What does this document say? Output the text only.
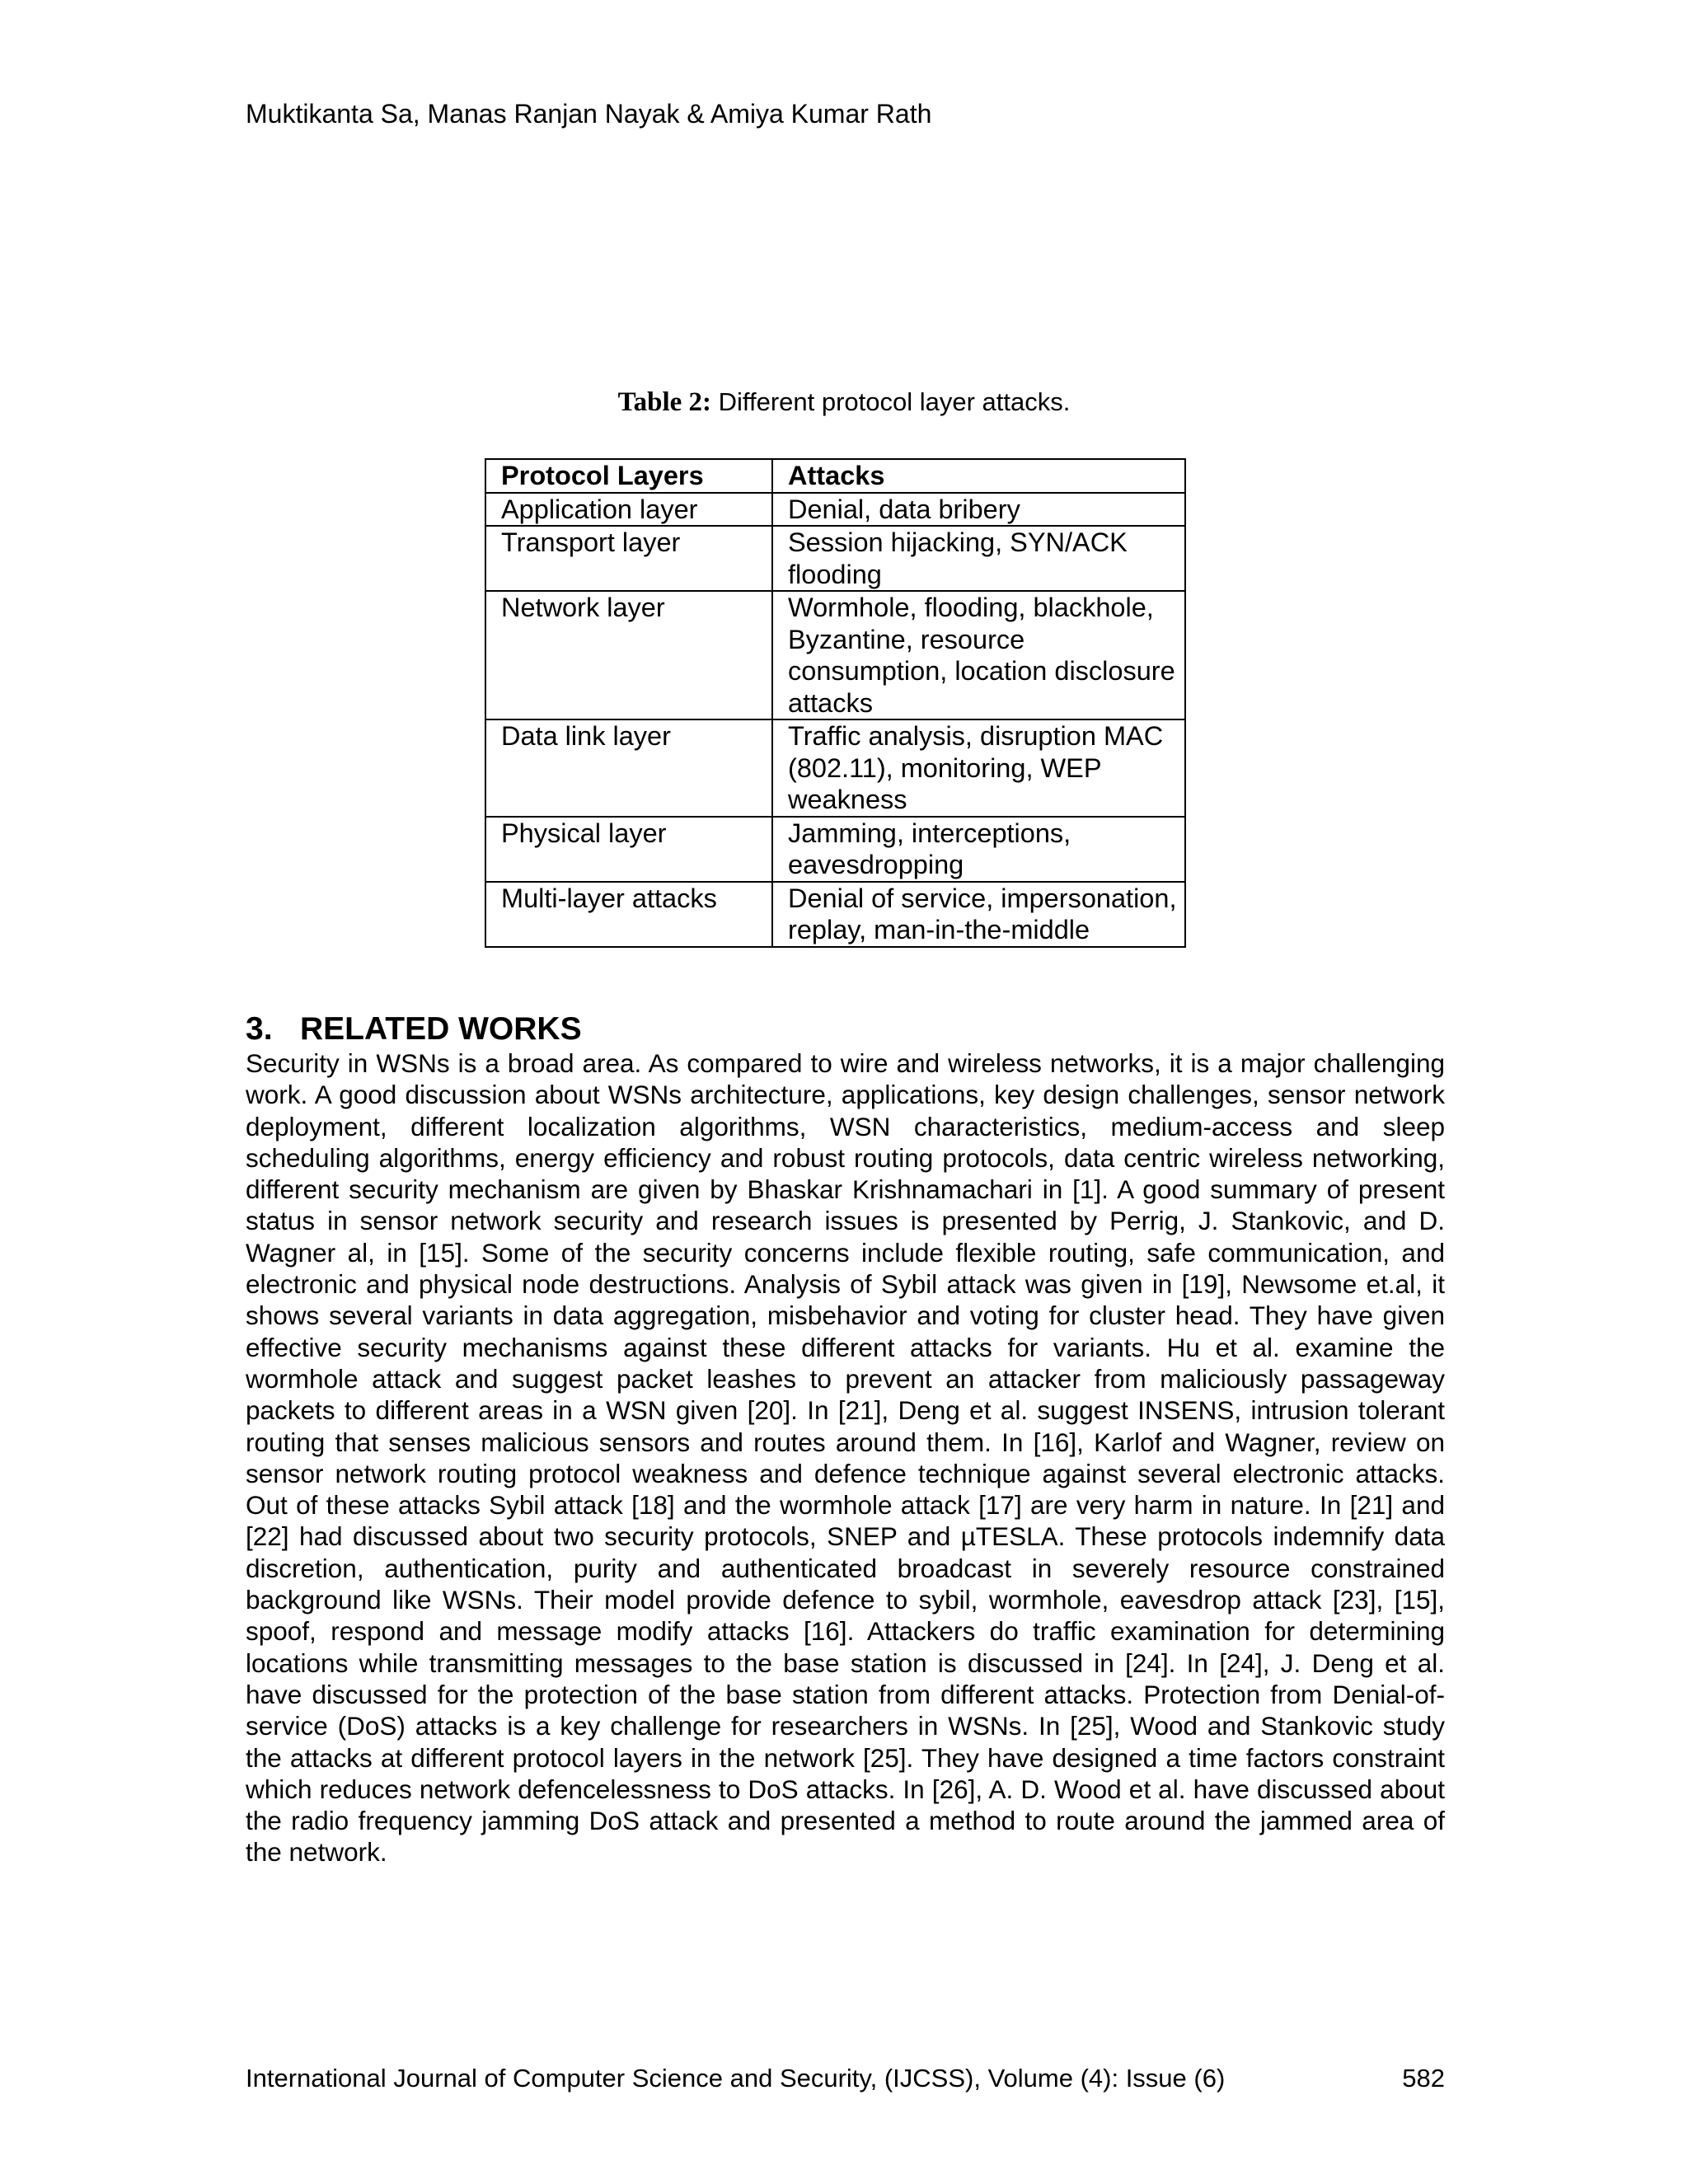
Muktikanta Sa, Manas Ranjan Nayak & Amiya Kumar Rath
Table 2: Different protocol layer attacks.
Protocol Layers	Attacks
Application layer	Denial, data bribery
Transport layer	Session hijacking, SYN/ACK flooding
Network layer	Wormhole, flooding, blackhole, Byzantine, resource consumption, location disclosure attacks
Data link layer	Traffic analysis, disruption MAC (802.11), monitoring, WEP weakness
Physical layer	Jamming, interceptions, eavesdropping
Multi-layer attacks	Denial of service, impersonation, replay, man-in-the-middle
3. RELATED WORKS

Security in WSNs is a broad area. As compared to wire and wireless networks, it is a major challenging work. A good discussion about WSNs architecture, applications, key design challenges, sensor network deployment, different localization algorithms, WSN characteristics, medium-access and sleep scheduling algorithms, energy efficiency and robust routing protocols, data centric wireless networking, different security mechanism are given by Bhaskar Krishnamachari in [1]. A good summary of present status in sensor network security and research issues is presented by Perrig, J. Stankovic, and D. Wagner al, in [15]. Some of the security concerns include flexible routing, safe communication, and electronic and physical node destructions. Analysis of Sybil attack was given in [19], Newsome et.al, it shows several variants in data aggregation, misbehavior and voting for cluster head. They have given effective security mechanisms against these different attacks for variants. Hu et al. examine the wormhole attack and suggest packet leashes to prevent an attacker from maliciously passageway packets to different areas in a WSN given [20]. In [21], Deng et al. suggest INSENS, intrusion tolerant routing that senses malicious sensors and routes around them. In [16], Karlof and Wagner, review on sensor network routing protocol weakness and defence technique against several electronic attacks. Out of these attacks Sybil attack [18] and the wormhole attack [17] are very harm in nature. In [21] and [22] had discussed about two security protocols, SNEP and µTESLA. These protocols indemnify data discretion, authentication, purity and authenticated broadcast in severely resource constrained background like WSNs. Their model provide defence to sybil, wormhole, eavesdrop attack [23], [15], spoof, respond and message modify attacks [16]. Attackers do traffic examination for determining locations while transmitting messages to the base station is discussed in [24]. In [24], J. Deng et al. have discussed for the protection of the base station from different attacks. Protection from Denial-of-service (DoS) attacks is a key challenge for researchers in WSNs. In [25], Wood and Stankovic study the attacks at different protocol layers in the network [25]. They have designed a time factors constraint which reduces network defencelessness to DoS attacks. In [26], A. D. Wood et al. have discussed about the radio frequency jamming DoS attack and presented a method to route around the jammed area of the network.

International Journal of Computer Science and Security, (IJCSS), Volume (4): Issue (6)	582
